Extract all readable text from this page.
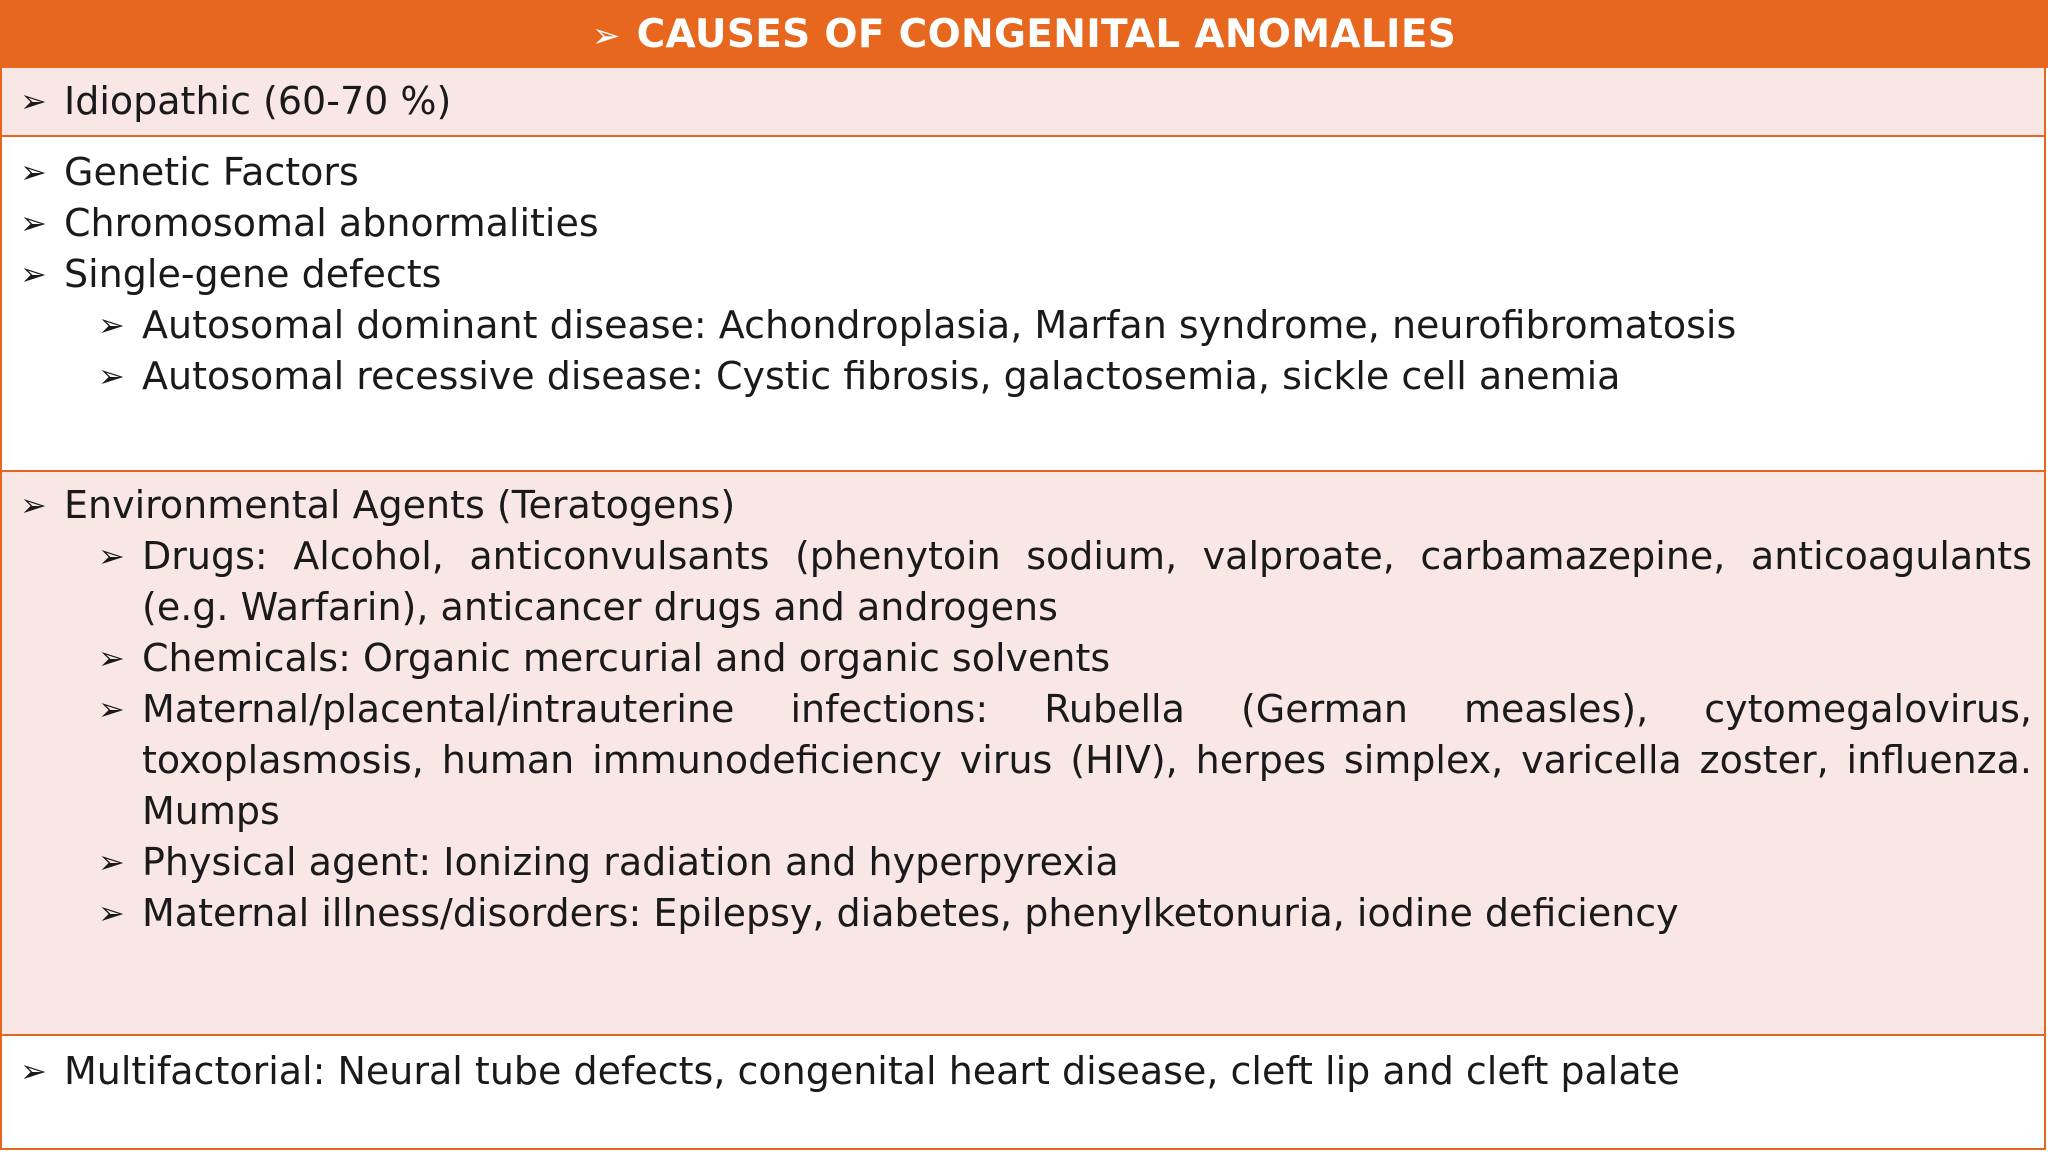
➢ CAUSES OF CONGENITAL ANOMALIES
➢ Idiopathic (60-70 %)
➢ Genetic Factors
➢ Chromosomal abnormalities
➢ Single-gene defects
➢ Autosomal dominant disease: Achondroplasia, Marfan syndrome, neurofibromatosis
➢ Autosomal recessive disease: Cystic fibrosis, galactosemia, sickle cell anemia
➢ Environmental Agents (Teratogens)
➢ Drugs: Alcohol, anticonvulsants (phenytoin sodium, valproate, carbamazepine, anticoagulants (e.g. Warfarin), anticancer drugs and androgens
➢ Chemicals: Organic mercurial and organic solvents
➢ Maternal/placental/intrauterine infections: Rubella (German measles), cytomegalovirus, toxoplasmosis, human immunodeficiency virus (HIV), herpes simplex, varicella zoster, influenza. Mumps
➢ Physical agent: Ionizing radiation and hyperpyrexia
➢ Maternal illness/disorders: Epilepsy, diabetes, phenylketonuria, iodine deficiency
➢ Multifactorial: Neural tube defects, congenital heart disease, cleft lip and cleft palate
